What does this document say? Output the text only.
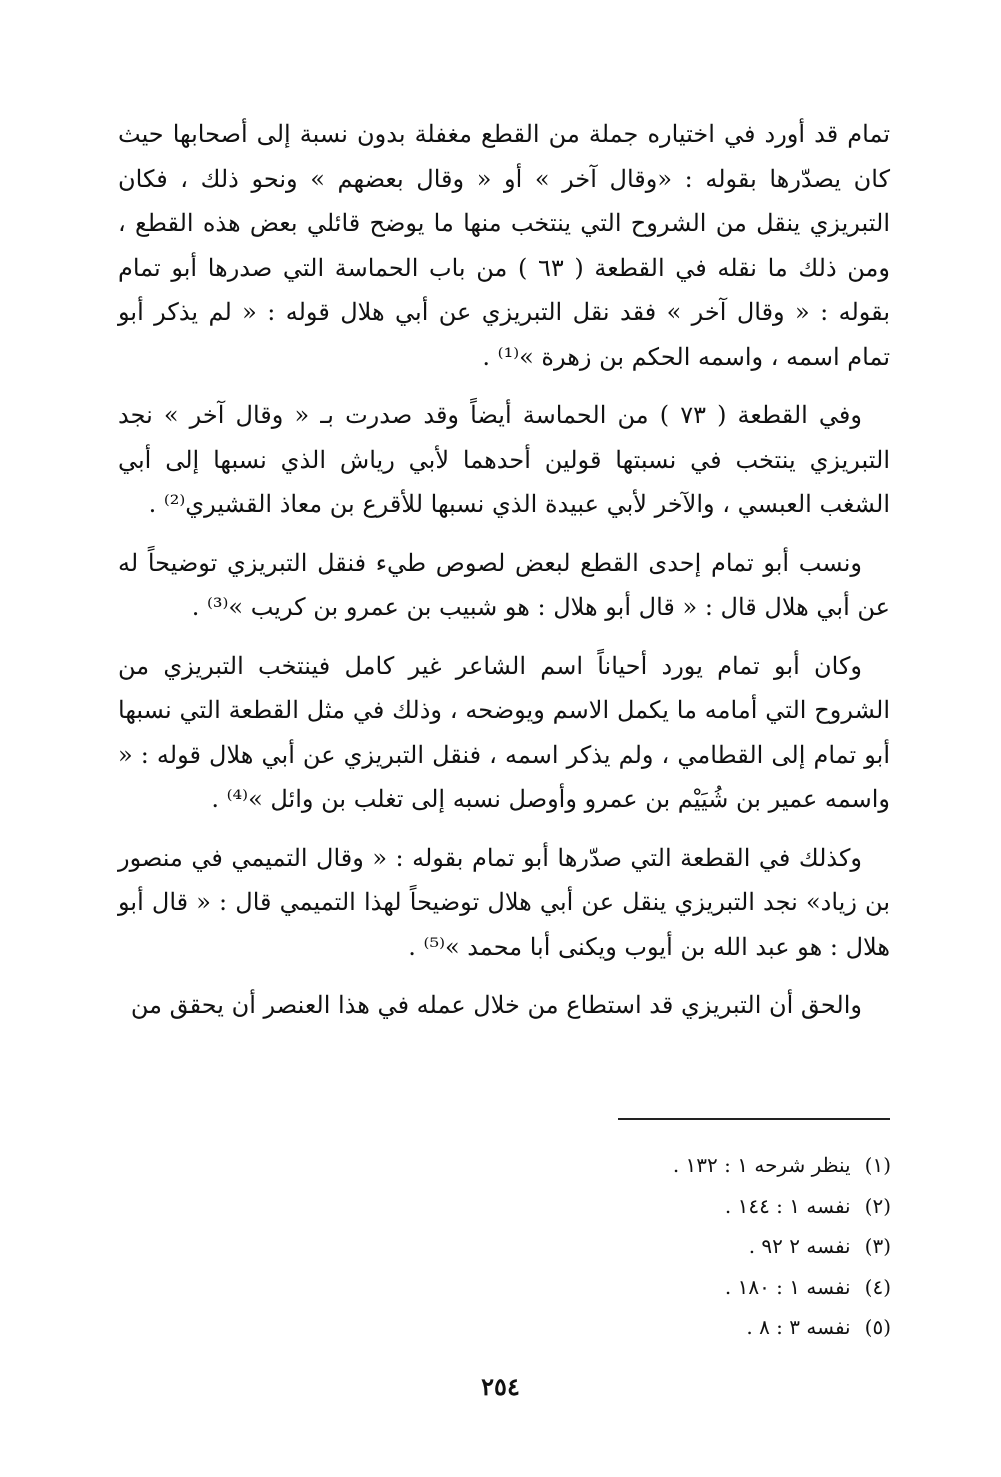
تمام قد أورد في اختياره جملة من القطع مغفلة بدون نسبة إلى أصحابها حيث كان يصدّرها بقوله : «وقال آخر » أو « وقال بعضهم » ونحو ذلك ، فكان التبريزي ينقل من الشروح التي ينتخب منها ما يوضح قائلي بعض هذه القطع ، ومن ذلك ما نقله في القطعة ( ٦٣ ) من باب الحماسة التي صدرها أبو تمام بقوله : « وقال آخر » فقد نقل التبريزي عن أبي هلال قوله : « لم يذكر أبو تمام اسمه ، واسمه الحكم بن زهرة »⁽¹⁾ .

وفي القطعة ( ٧٣ ) من الحماسة أيضاً وقد صدرت بـ « وقال آخر » نجد التبريزي ينتخب في نسبتها قولين أحدهما لأبي رياش الذي نسبها إلى أبي الشغب العبسي ، والآخر لأبي عبيدة الذي نسبها للأقرع بن معاذ القشيري⁽²⁾ .

ونسب أبو تمام إحدى القطع لبعض لصوص طيء فنقل التبريزي توضيحاً له عن أبي هلال قال : « قال أبو هلال : هو شبيب بن عمرو بن كريب »⁽³⁾ .

وكان أبو تمام يورد أحياناً اسم الشاعر غير كامل فينتخب التبريزي من الشروح التي أمامه ما يكمل الاسم ويوضحه ، وذلك في مثل القطعة التي نسبها أبو تمام إلى القطامي ، ولم يذكر اسمه ، فنقل التبريزي عن أبي هلال قوله : « واسمه عمير بن شُيَيْم بن عمرو وأوصل نسبه إلى تغلب بن وائل »⁽⁴⁾ .

وكذلك في القطعة التي صدّرها أبو تمام بقوله : « وقال التميمي في منصور بن زياد» نجد التبريزي ينقل عن أبي هلال توضيحاً لهذا التميمي قال : « قال أبو هلال : هو عبد الله بن أيوب ويكنى أبا محمد »⁽⁵⁾ .

والحق أن التبريزي قد استطاع من خلال عمله في هذا العنصر أن يحقق من

(١)ينظر شرحه ١ : ١٣٢ .
(٢)نفسه ١ : ١٤٤ .
(٣)نفسه ٢ ٩٢ .
(٤)نفسه ١ : ١٨٠ .
(٥)نفسه ٣ : ٨ .
٢٥٤
